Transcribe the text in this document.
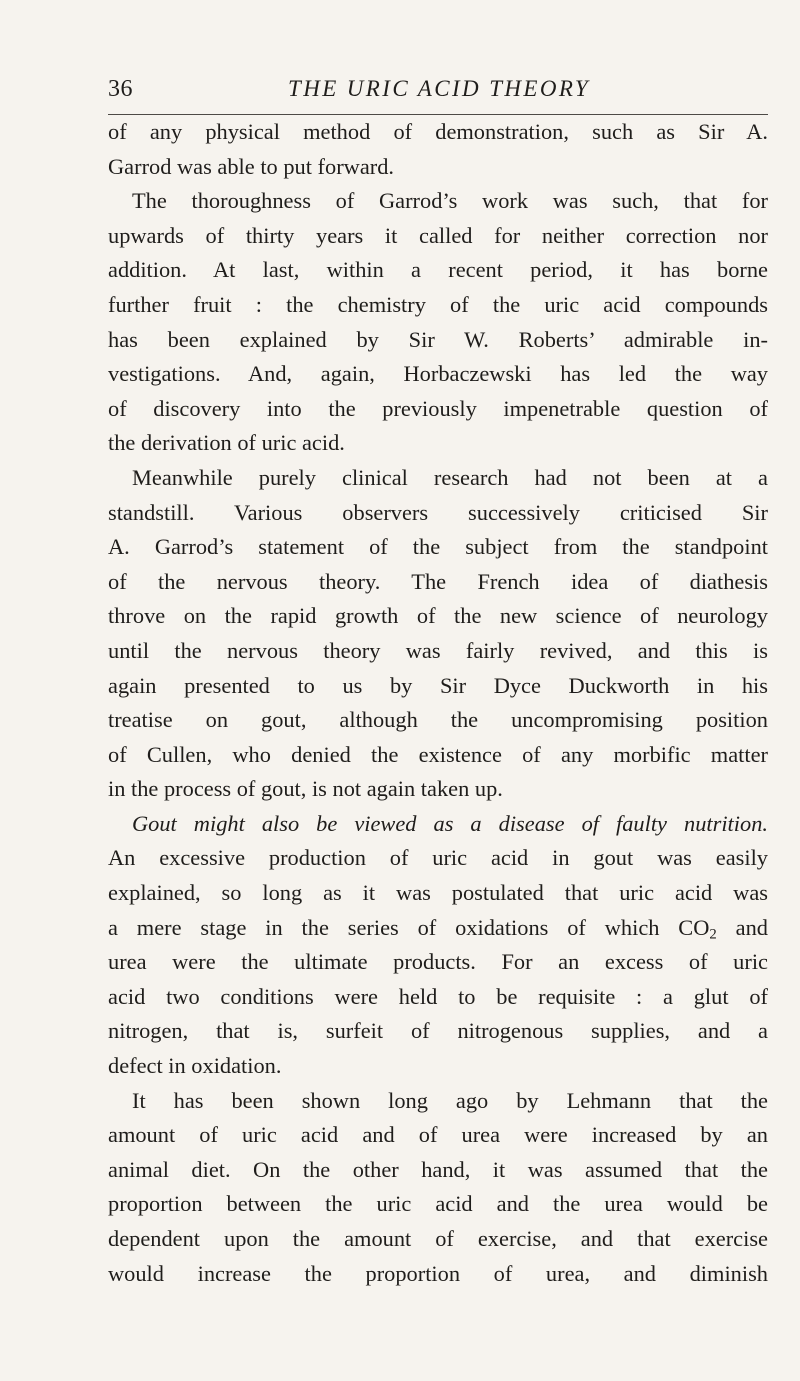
36	THE URIC ACID THEORY
of any physical method of demonstration, such as Sir A.
Garrod was able to put forward.
The thoroughness of Garrod’s work was such, that for
upwards of thirty years it called for neither correction nor
addition. At last, within a recent period, it has borne
further fruit : the chemistry of the uric acid compounds
has been explained by Sir W. Roberts’ admirable in-
vestigations. And, again, Horbaczewski has led the way
of discovery into the previously impenetrable question of
the derivation of uric acid.
Meanwhile purely clinical research had not been at a
standstill. Various observers successively criticised Sir
A. Garrod’s statement of the subject from the standpoint
of the nervous theory. The French idea of diathesis
throve on the rapid growth of the new science of neurology
until the nervous theory was fairly revived, and this is
again presented to us by Sir Dyce Duckworth in his
treatise on gout, although the uncompromising position
of Cullen, who denied the existence of any morbific matter
in the process of gout, is not again taken up.
Gout might also be viewed as a disease of faulty nutrition.
An excessive production of uric acid in gout was easily
explained, so long as it was postulated that uric acid was
a mere stage in the series of oxidations of which $CO_2$ and
urea were the ultimate products. For an excess of uric
acid two conditions were held to be requisite : a glut of
nitrogen, that is, surfeit of nitrogenous supplies, and a
defect in oxidation.
It has been shown long ago by Lehmann that the
amount of uric acid and of urea were increased by an
animal diet. On the other hand, it was assumed that the
proportion between the uric acid and the urea would be
dependent upon the amount of exercise, and that exercise
would increase the proportion of urea, and diminish
